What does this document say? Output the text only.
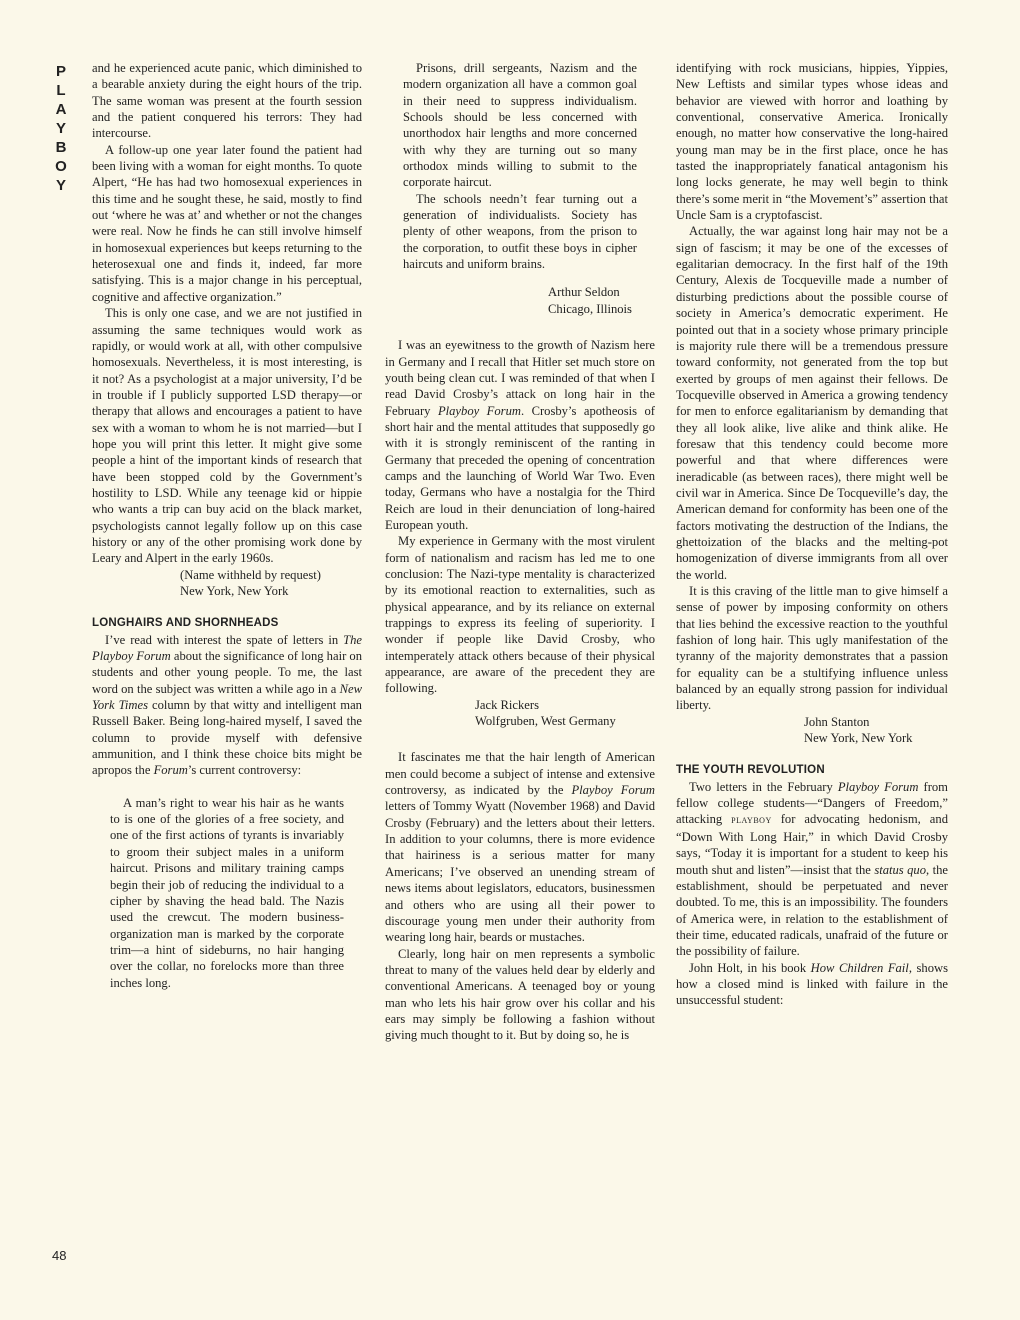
P
L
A
Y
B
O
Y
48

and he experienced acute panic, which diminished to a bearable anxiety during the eight hours of the trip. The same woman was present at the fourth session and the patient conquered his terrors: They had intercourse.

A follow-up one year later found the patient had been living with a woman for eight months. To quote Alpert, “He has had two homosexual experiences in this time and he sought these, he said, mostly to find out ‘where he was at’ and whether or not the changes were real. Now he finds he can still involve himself in homosexual experiences but keeps returning to the heterosexual one and finds it, indeed, far more satisfying. This is a major change in his perceptual, cognitive and affective organization.”

This is only one case, and we are not justified in assuming the same techniques would work as rapidly, or would work at all, with other compulsive homosexuals. Nevertheless, it is most interesting, is it not? As a psychologist at a major university, I’d be in trouble if I publicly supported LSD therapy—or therapy that allows and encourages a patient to have sex with a woman to whom he is not married—but I hope you will print this letter. It might give some people a hint of the important kinds of research that have been stopped cold by the Government’s hostility to LSD. While any teenage kid or hippie who wants a trip can buy acid on the black market, psychologists cannot legally follow up on this case history or any of the other promising work done by Leary and Alpert in the early 1960s.

(Name withheld by request)
New York, New York

LONGHAIRS AND SHORNHEADS

I’ve read with interest the spate of letters in The Playboy Forum about the significance of long hair on students and other young people. To me, the last word on the subject was written a while ago in a New York Times column by that witty and intelligent man Russell Baker. Being long-haired myself, I saved the column to provide myself with defensive ammunition, and I think these choice bits might be apropos the Forum’s current controversy:

A man’s right to wear his hair as he wants to is one of the glories of a free society, and one of the first actions of tyrants is invariably to groom their subject males in a uniform haircut. Prisons and military training camps begin their job of reducing the individual to a cipher by shaving the head bald. The Nazis used the crewcut. The modern business-organization man is marked by the corporate trim—a hint of sideburns, no hair hanging over the collar, no forelocks more than three inches long.

Prisons, drill sergeants, Nazism and the modern organization all have a common goal in their need to suppress individualism. Schools should be less concerned with unorthodox hair lengths and more concerned with why they are turning out so many orthodox minds willing to submit to the corporate haircut.

The schools needn’t fear turning out a generation of individualists. Society has plenty of other weapons, from the prison to the corporation, to outfit these boys in cipher haircuts and uniform brains.

Arthur Seldon
Chicago, Illinois

I was an eyewitness to the growth of Nazism here in Germany and I recall that Hitler set much store on youth being clean cut. I was reminded of that when I read David Crosby’s attack on long hair in the February Playboy Forum. Crosby’s apotheosis of short hair and the mental attitudes that supposedly go with it is strongly reminiscent of the ranting in Germany that preceded the opening of concentration camps and the launching of World War Two. Even today, Germans who have a nostalgia for the Third Reich are loud in their denunciation of long-haired European youth.

My experience in Germany with the most virulent form of nationalism and racism has led me to one conclusion: The Nazi-type mentality is characterized by its emotional reaction to externalities, such as physical appearance, and by its reliance on external trappings to express its feeling of superiority. I wonder if people like David Crosby, who intemperately attack others because of their physical appearance, are aware of the precedent they are following.

Jack Rickers
Wolfgruben, West Germany

It fascinates me that the hair length of American men could become a subject of intense and extensive controversy, as indicated by the Playboy Forum letters of Tommy Wyatt (November 1968) and David Crosby (February) and the letters about their letters. In addition to your columns, there is more evidence that hairiness is a serious matter for many Americans; I’ve observed an unending stream of news items about legislators, educators, businessmen and others who are using all their power to discourage young men under their authority from wearing long hair, beards or mustaches.

Clearly, long hair on men represents a symbolic threat to many of the values held dear by elderly and conventional Americans. A teenaged boy or young man who lets his hair grow over his collar and his ears may simply be following a fashion without giving much thought to it. But by doing so, he is

identifying with rock musicians, hippies, Yippies, New Leftists and similar types whose ideas and behavior are viewed with horror and loathing by conventional, conservative America. Ironically enough, no matter how conservative the long-haired young man may be in the first place, once he has tasted the inappropriately fanatical antagonism his long locks generate, he may well begin to think there’s some merit in “the Movement’s” assertion that Uncle Sam is a cryptofascist.

Actually, the war against long hair may not be a sign of fascism; it may be one of the excesses of egalitarian democracy. In the first half of the 19th Century, Alexis de Tocqueville made a number of disturbing predictions about the possible course of society in America’s democratic experiment. He pointed out that in a society whose primary principle is majority rule there will be a tremendous pressure toward conformity, not generated from the top but exerted by groups of men against their fellows. De Tocqueville observed in America a growing tendency for men to enforce egalitarianism by demanding that they all look alike, live alike and think alike. He foresaw that this tendency could become more powerful and that where differences were ineradicable (as between races), there might well be civil war in America. Since De Tocqueville’s day, the American demand for conformity has been one of the factors motivating the destruction of the Indians, the ghettoization of the blacks and the melting-pot homogenization of diverse immigrants from all over the world.

It is this craving of the little man to give himself a sense of power by imposing conformity on others that lies behind the excessive reaction to the youthful fashion of long hair. This ugly manifestation of the tyranny of the majority demonstrates that a passion for equality can be a stultifying influence unless balanced by an equally strong passion for individual liberty.

John Stanton
New York, New York

THE YOUTH REVOLUTION

Two letters in the February Playboy Forum from fellow college students—“Dangers of Freedom,” attacking playboy for advocating hedonism, and “Down With Long Hair,” in which David Crosby says, “Today it is important for a student to keep his mouth shut and listen”—insist that the status quo, the establishment, should be perpetuated and never doubted. To me, this is an impossibility. The founders of America were, in relation to the establishment of their time, educated radicals, unafraid of the future or the possibility of failure.

John Holt, in his book How Children Fail, shows how a closed mind is linked with failure in the unsuccessful student:
